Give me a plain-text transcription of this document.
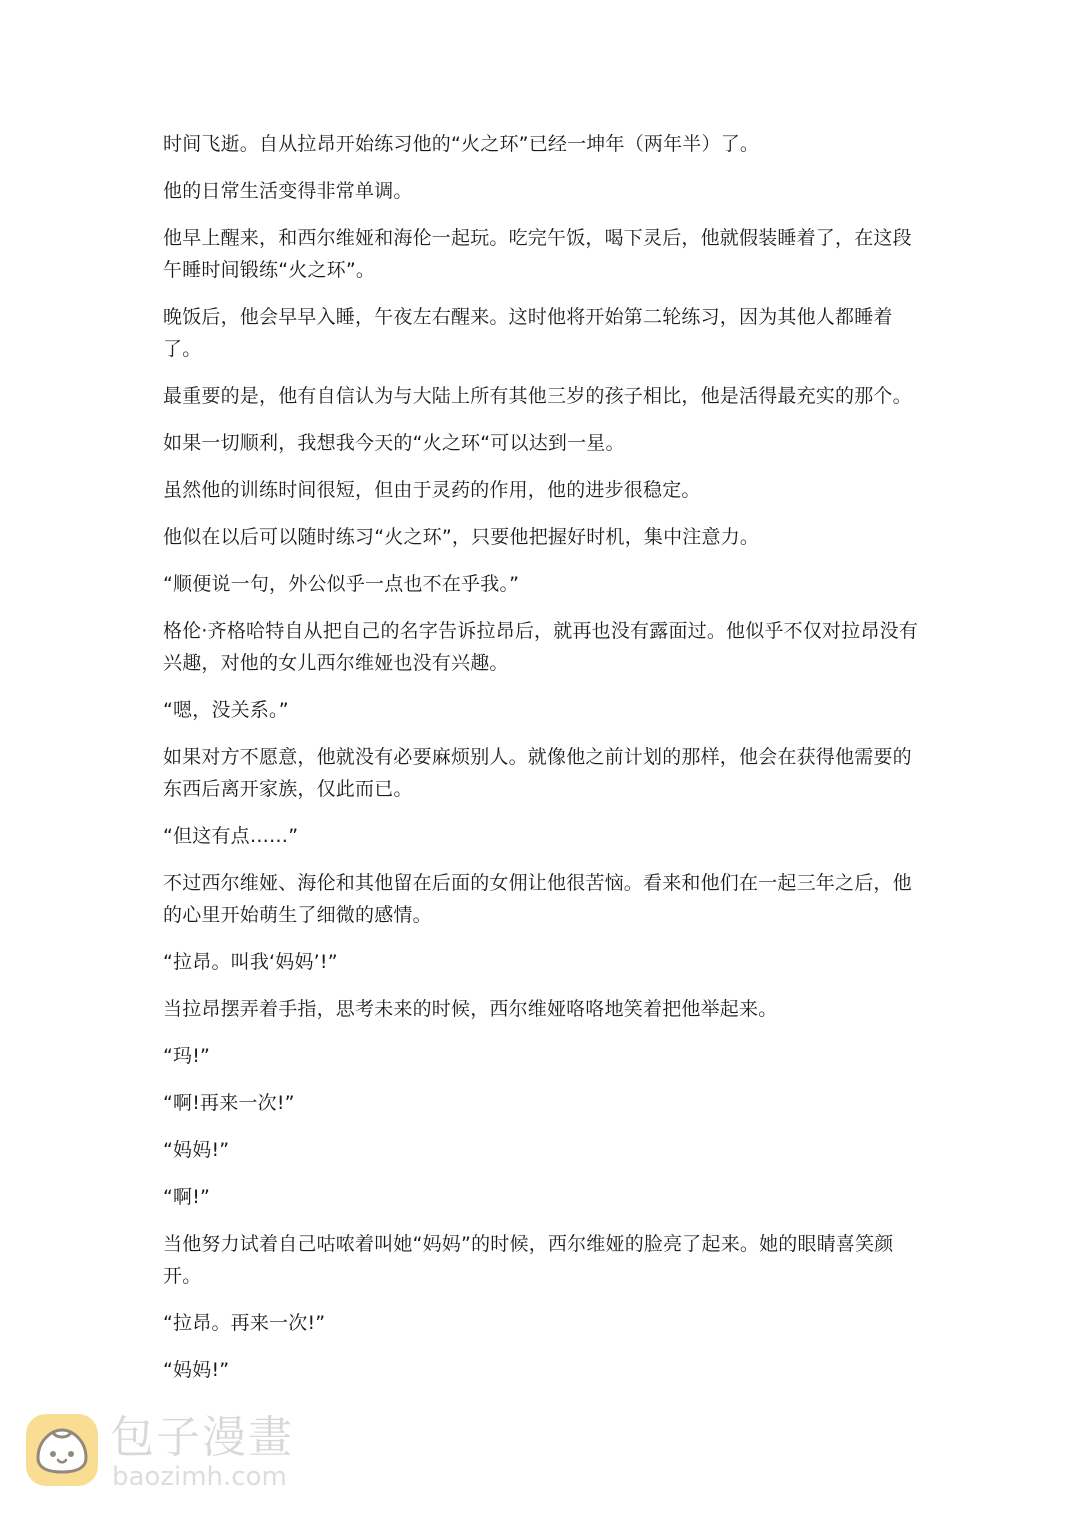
时间飞逝。自从拉昂开始练习他的“火之环”已经一坤年（两年半）了。

他的日常生活变得非常单调。

他早上醒来，和西尔维娅和海伦一起玩。吃完午饭，喝下灵后，他就假装睡着了，在这段午睡时间锻练“火之环”。

晚饭后，他会早早入睡，午夜左右醒来。这时他将开始第二轮练习，因为其他人都睡着了。

最重要的是，他有自信认为与大陆上所有其他三岁的孩子相比，他是活得最充实的那个。

如果一切顺利，我想我今天的“火之环“可以达到一星。

虽然他的训练时间很短，但由于灵药的作用，他的进步很稳定。

他似在以后可以随时练习“火之环”，只要他把握好时机，集中注意力。

“顺便说一句，外公似乎一点也不在乎我。”

格伦·齐格哈特自从把自己的名字告诉拉昂后，就再也没有露面过。他似乎不仅对拉昂没有兴趣，对他的女儿西尔维娅也没有兴趣。

“嗯，没关系。”

如果对方不愿意，他就没有必要麻烦别人。就像他之前计划的那样，他会在获得他需要的东西后离开家族，仅此而已。

“但这有点……”

不过西尔维娅、海伦和其他留在后面的女佣让他很苦恼。看来和他们在一起三年之后，他的心里开始萌生了细微的感情。

“拉昂。叫我‘妈妈’!”

当拉昂摆弄着手指，思考未来的时候，西尔维娅咯咯地笑着把他举起来。

“玛!”

“啊!再来一次!”

“妈妈!”

“啊!”

当他努力试着自己咕哝着叫她“妈妈”的时候，西尔维娅的脸亮了起来。她的眼睛喜笑颜开。

“拉昂。再来一次!”

“妈妈!”

包子漫畫
baozimh.com
